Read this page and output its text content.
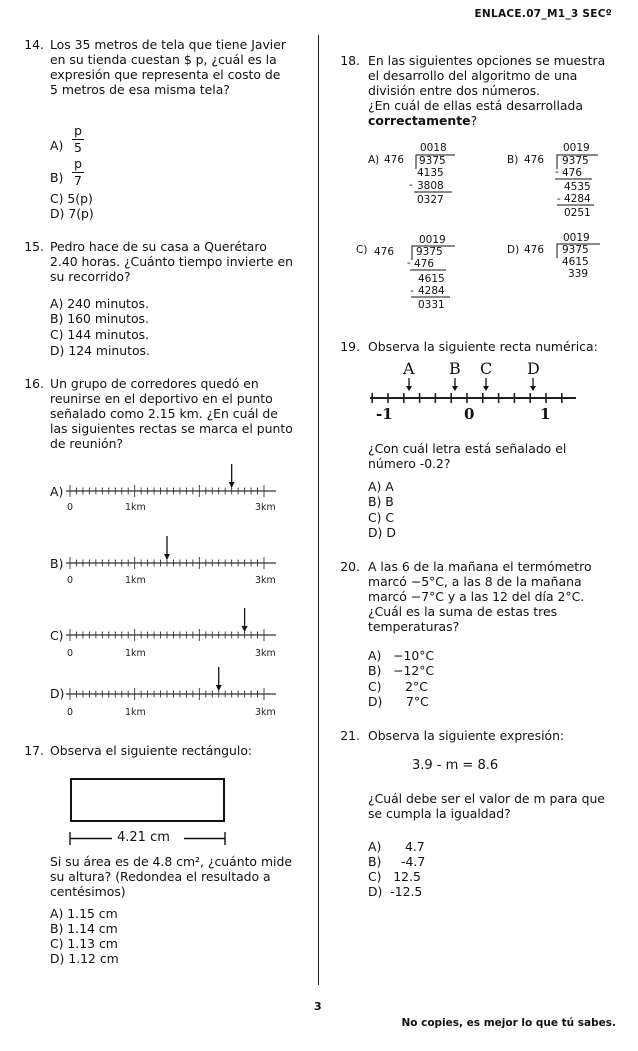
ENLACE.07_M1_3 SECº
14. Los 35 metros de tela que tiene Javier
en su tienda cuestan $ p, ¿cuál es la
expresión que representa el costo de
5 metros de esa misma tela?
A)
p
5
B)
p
7
C) 5(p)
D) 7(p)
15. Pedro hace de su casa a Querétaro
2.40 horas. ¿Cuánto tiempo invierte en
su recorrido?
A) 240 minutos.
B) 160 minutos.
C) 144 minutos.
D) 124 minutos.
16. Un grupo de corredores quedó en
reunirse en el deportivo en el punto
señalado como 2.15 km. ¿En cuál de
las siguientes rectas se marca el punto
de reunión?
A)
0	1km	3km
B)
0	1km	3km
C)
0	1km	3km
D)
0	1km	3km
17. Observa el siguiente rectángulo:
4.21 cm
Si su área es de 4.8 cm², ¿cuánto mide
su altura? (Redondea el resultado a
centésimos)
A) 1.15 cm
B) 1.14 cm
C) 1.13 cm
D) 1.12 cm
18. En las siguientes opciones se muestra
el desarrollo del algoritmo de una
división entre dos números.
¿En cuál de ellas está desarrollada
correctamente?
A) 476
0018
9375
4135
- 3808
0327
B) 476
0019
9375
- 476
4535
- 4284
0251
C) 476
0019
9375
- 476
4615
- 4284
0331
D) 476
0019
9375
4615
339
19. Observa la siguiente recta numérica:
A B C D
-1	0	1
¿Con cuál letra está señalado el
número -0.2?
A) A
B) B
C) C
D) D
20. A las 6 de la mañana el termómetro
marcó −5°C, a las 8 de la mañana
marcó −7°C y a las 12 del día 2°C.
¿Cuál es la suma de estas tres
temperaturas?
A)   −10°C
B)   −12°C
C)      2°C
D)      7°C
21. Observa la siguiente expresión:
3.9 - m = 8.6
¿Cuál debe ser el valor de m para que
se cumpla la igualdad?
A)      4.7
B)     -4.7
C)   12.5
D)  -12.5
3
No copies, es mejor lo que tú sabes.
